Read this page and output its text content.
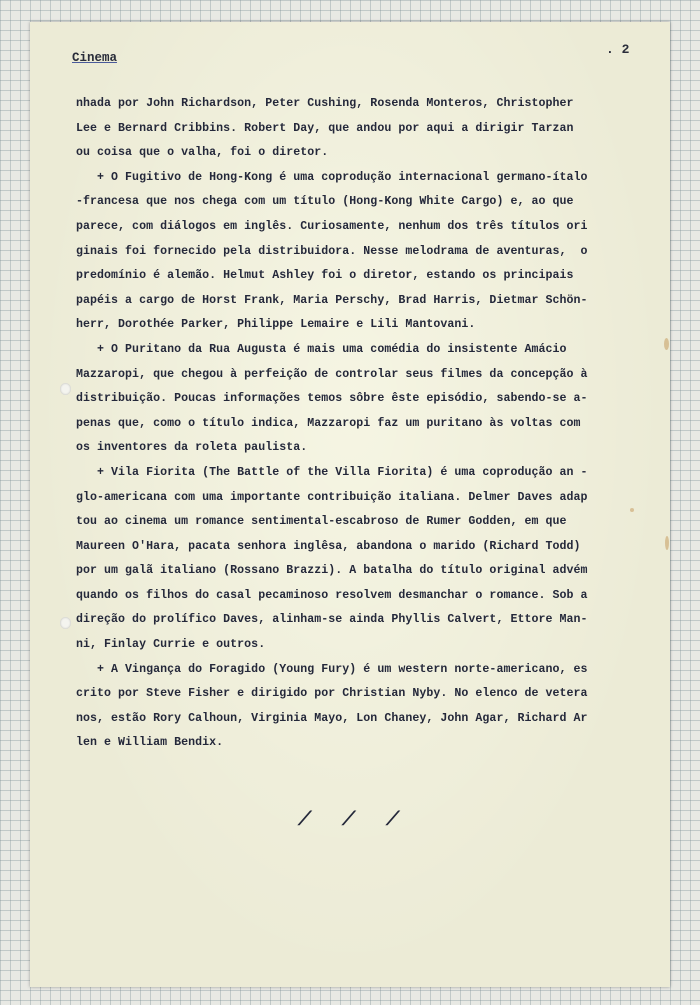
Cinema
. 2
nhada por John Richardson, Peter Cushing, Rosenda Monteros, Christopher
Lee e Bernard Cribbins. Robert Day, que andou por aqui a dirigir Tarzan
ou coisa que o valha, foi o diretor.
+ O Fugitivo de Hong-Kong é uma coprodução internacional germano-ítalo
-francesa que nos chega com um título (Hong-Kong White Cargo) e, ao que
parece, com diálogos em inglês. Curiosamente, nenhum dos três títulos ori
ginais foi fornecido pela distribuidora. Nesse melodrama de aventuras,  o
predomínio é alemão. Helmut Ashley foi o diretor, estando os principais
papéis a cargo de Horst Frank, Maria Perschy, Brad Harris, Dietmar Schön-
herr, Dorothée Parker, Philippe Lemaire e Lili Mantovani.
+ O Puritano da Rua Augusta é mais uma comédia do insistente Amácio
Mazzaropi, que chegou à perfeição de controlar seus filmes da concepção à
distribuição. Poucas informações temos sôbre êste episódio, sabendo-se a-
penas que, como o título indica, Mazzaropi faz um puritano às voltas com
os inventores da roleta paulista.
+ Vila Fiorita (The Battle of the Villa Fiorita) é uma coprodução an -
glo-americana com uma importante contribuição italiana. Delmer Daves adap
tou ao cinema um romance sentimental-escabroso de Rumer Godden, em que
Maureen O'Hara, pacata senhora inglêsa, abandona o marido (Richard Todd)
por um galã italiano (Rossano Brazzi). A batalha do título original advém
quando os filhos do casal pecaminoso resolvem desmanchar o romance. Sob a
direção do prolífico Daves, alinham-se ainda Phyllis Calvert, Ettore Man-
ni, Finlay Currie e outros.
+ A Vingança do Foragido (Young Fury) é um western norte-americano, es
crito por Steve Fisher e dirigido por Christian Nyby. No elenco de vetera
nos, estão Rory Calhoun, Virginia Mayo, Lon Chaney, John Agar, Richard Ar
len e William Bendix.
/ / /
